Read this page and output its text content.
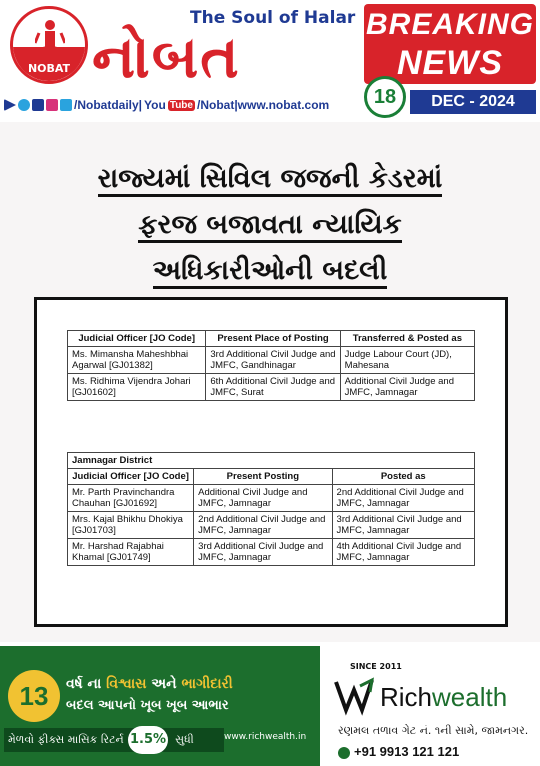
NOBAT
The Soul of Halar
નોબત
/Nobatdaily| You Tube /Nobat|www.nobat.com
BREAKING
NEWS
18	DEC - 2024
રાજ્યમાં સિવિલ જજની કેડરમાં
ફરજ બજાવતા ન્યાયિક
અધિકારીઓની બદલી
Judicial Officer [JO Code]	Present Place of Posting	Transferred & Posted as
Ms. Mimansha Maheshbhai Agarwal [GJ01382]	3rd Additional Civil Judge and JMFC, Gandhinagar	Judge Labour Court (JD), Mahesana
Ms. Ridhima Vijendra Johari [GJ01602]	6th Additional Civil Judge and JMFC, Surat	Additional Civil Judge and JMFC, Jamnagar
Jamnagar District		
Judicial Officer [JO Code]	Present Posting	Posted as
Mr. Parth Pravinchandra Chauhan [GJ01692]	Additional Civil Judge and JMFC, Jamnagar	2nd Additional Civil Judge and JMFC, Jamnagar
Mrs. Kajal Bhikhu Dhokiya [GJ01703]	2nd Additional Civil Judge and JMFC, Jamnagar	3rd Additional Civil Judge and JMFC, Jamnagar
Mr. Harshad Rajabhai Khamal [GJ01749]	3rd Additional Civil Judge and JMFC, Jamnagar	4th Additional Civil Judge and JMFC, Jamnagar
13	વર્ષ ના વિશ્વાસ અને ભાગીદારી
બદલ આપનો ખૂબ ખૂબ આભાર
મેળવો ફીક્સ માસિક રિટર્ન	સુધી
1.5%	www.richwealth.in
SINCE 2011
Richwealth
રણમલ તળાવ ગેટ નં. ૧ની સામે, જામનગર.
+91 9913 121 121
